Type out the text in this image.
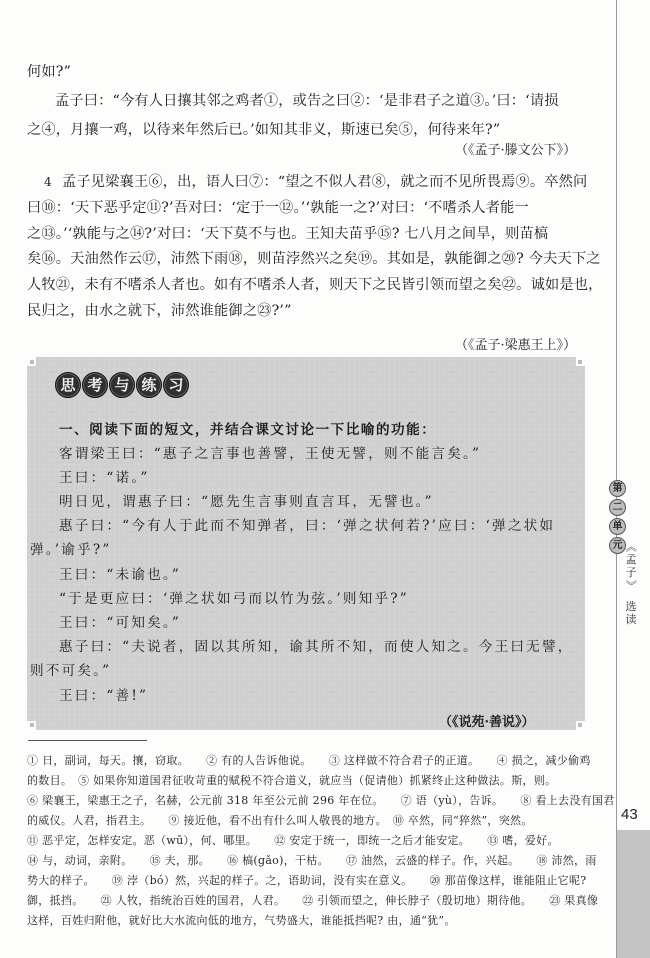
第
二
单
元 《
孟
子
》
选
读
43
何如?”
孟子曰：“今有人日攘其邻之鸡者①，或告之曰②：‘是非君子之道③。’曰：‘请损
之④，月攘一鸡，以待来年然后已。’如知其非义，斯速已矣⑤，何待来年?”
（《孟子·滕文公下》）
4 孟子见梁襄王⑥，出，语人曰⑦：“望之不似人君⑧，就之而不见所畏焉⑨。卒然问
曰⑩：‘天下恶乎定⑪?’吾对曰：‘定于一⑫。’‘孰能一之?’对曰：‘不嗜杀人者能一
之⑬。’‘孰能与之⑭?’对曰：‘天下莫不与也。王知夫苗乎⑮? 七八月之间旱，则苗槁
矣⑯。天油然作云⑰，沛然下雨⑱，则苗浡然兴之矣⑲。其如是，孰能御之⑳? 今夫天下之
人牧㉑，未有不嗜杀人者也。如有不嗜杀人者，则天下之民皆引领而望之矣㉒。诚如是也，
民归之，由水之就下，沛然谁能御之㉓?’”
（《孟子·梁惠王上》）
思 考 与 练 习
一、阅读下面的短文，并结合课文讨论一下比喻的功能：
客谓梁王曰：“惠子之言事也善譬，王使无譬，则不能言矣。”
王曰：“诺。”
明日见，谓惠子曰：“愿先生言事则直言耳，无譬也。”
惠子曰：“今有人于此而不知弹者，曰：‘弹之状何若?’应曰：‘弹之状如
弹。’谕乎?”
王曰：“未谕也。”
“于是更应曰：‘弹之状如弓而以竹为弦。’则知乎?”
王曰：“可知矣。”
惠子曰：“夫说者，固以其所知，谕其所不知，而使人知之。今王曰无譬，
则不可矣。”
王曰：“善!”
（《说苑·善说》）
① 日，副词，每天。攘，窃取。　　② 有的人告诉他说。　　③ 这样做不符合君子的正道。　　④ 损之，减少偷鸡
的数目。　⑤ 如果你知道国君征收苛重的赋税不符合道义，就应当（促请他）抓紧终止这种做法。斯，则。
⑥ 梁襄王，梁惠王之子，名赫，公元前 318 年至公元前 296 年在位。　　⑦ 语（yù），告诉。　　⑧ 看上去没有国君
的威仪。人君，指君主。　　⑨ 接近他，看不出有什么叫人敬畏的地方。　⑩ 卒然，同“猝然”，突然。
⑪ 恶乎定，怎样安定。恶（wū），何、哪里。　　⑫ 安定于统一，即统一之后才能安定。　　⑬ 嗜，爱好。
⑭ 与，动词，亲附。　　⑮ 夫，那。　　⑯ 槁(gǎo)，干枯。　　⑰ 油然，云盛的样子。作，兴起。　　⑱ 沛然，雨
势大的样子。　　⑲ 浡（bó）然，兴起的样子。之，语助词，没有实在意义。　　⑳ 那苗像这样，谁能阻止它呢?
御，抵挡。　　㉑ 人牧，指统治百姓的国君，人君。　　㉒ 引领而望之，伸长脖子（殷切地）期待他。　　㉓ 果真像
这样，百姓归附他，就好比大水流向低的地方，气势盛大，谁能抵挡呢? 由，通“犹”。
